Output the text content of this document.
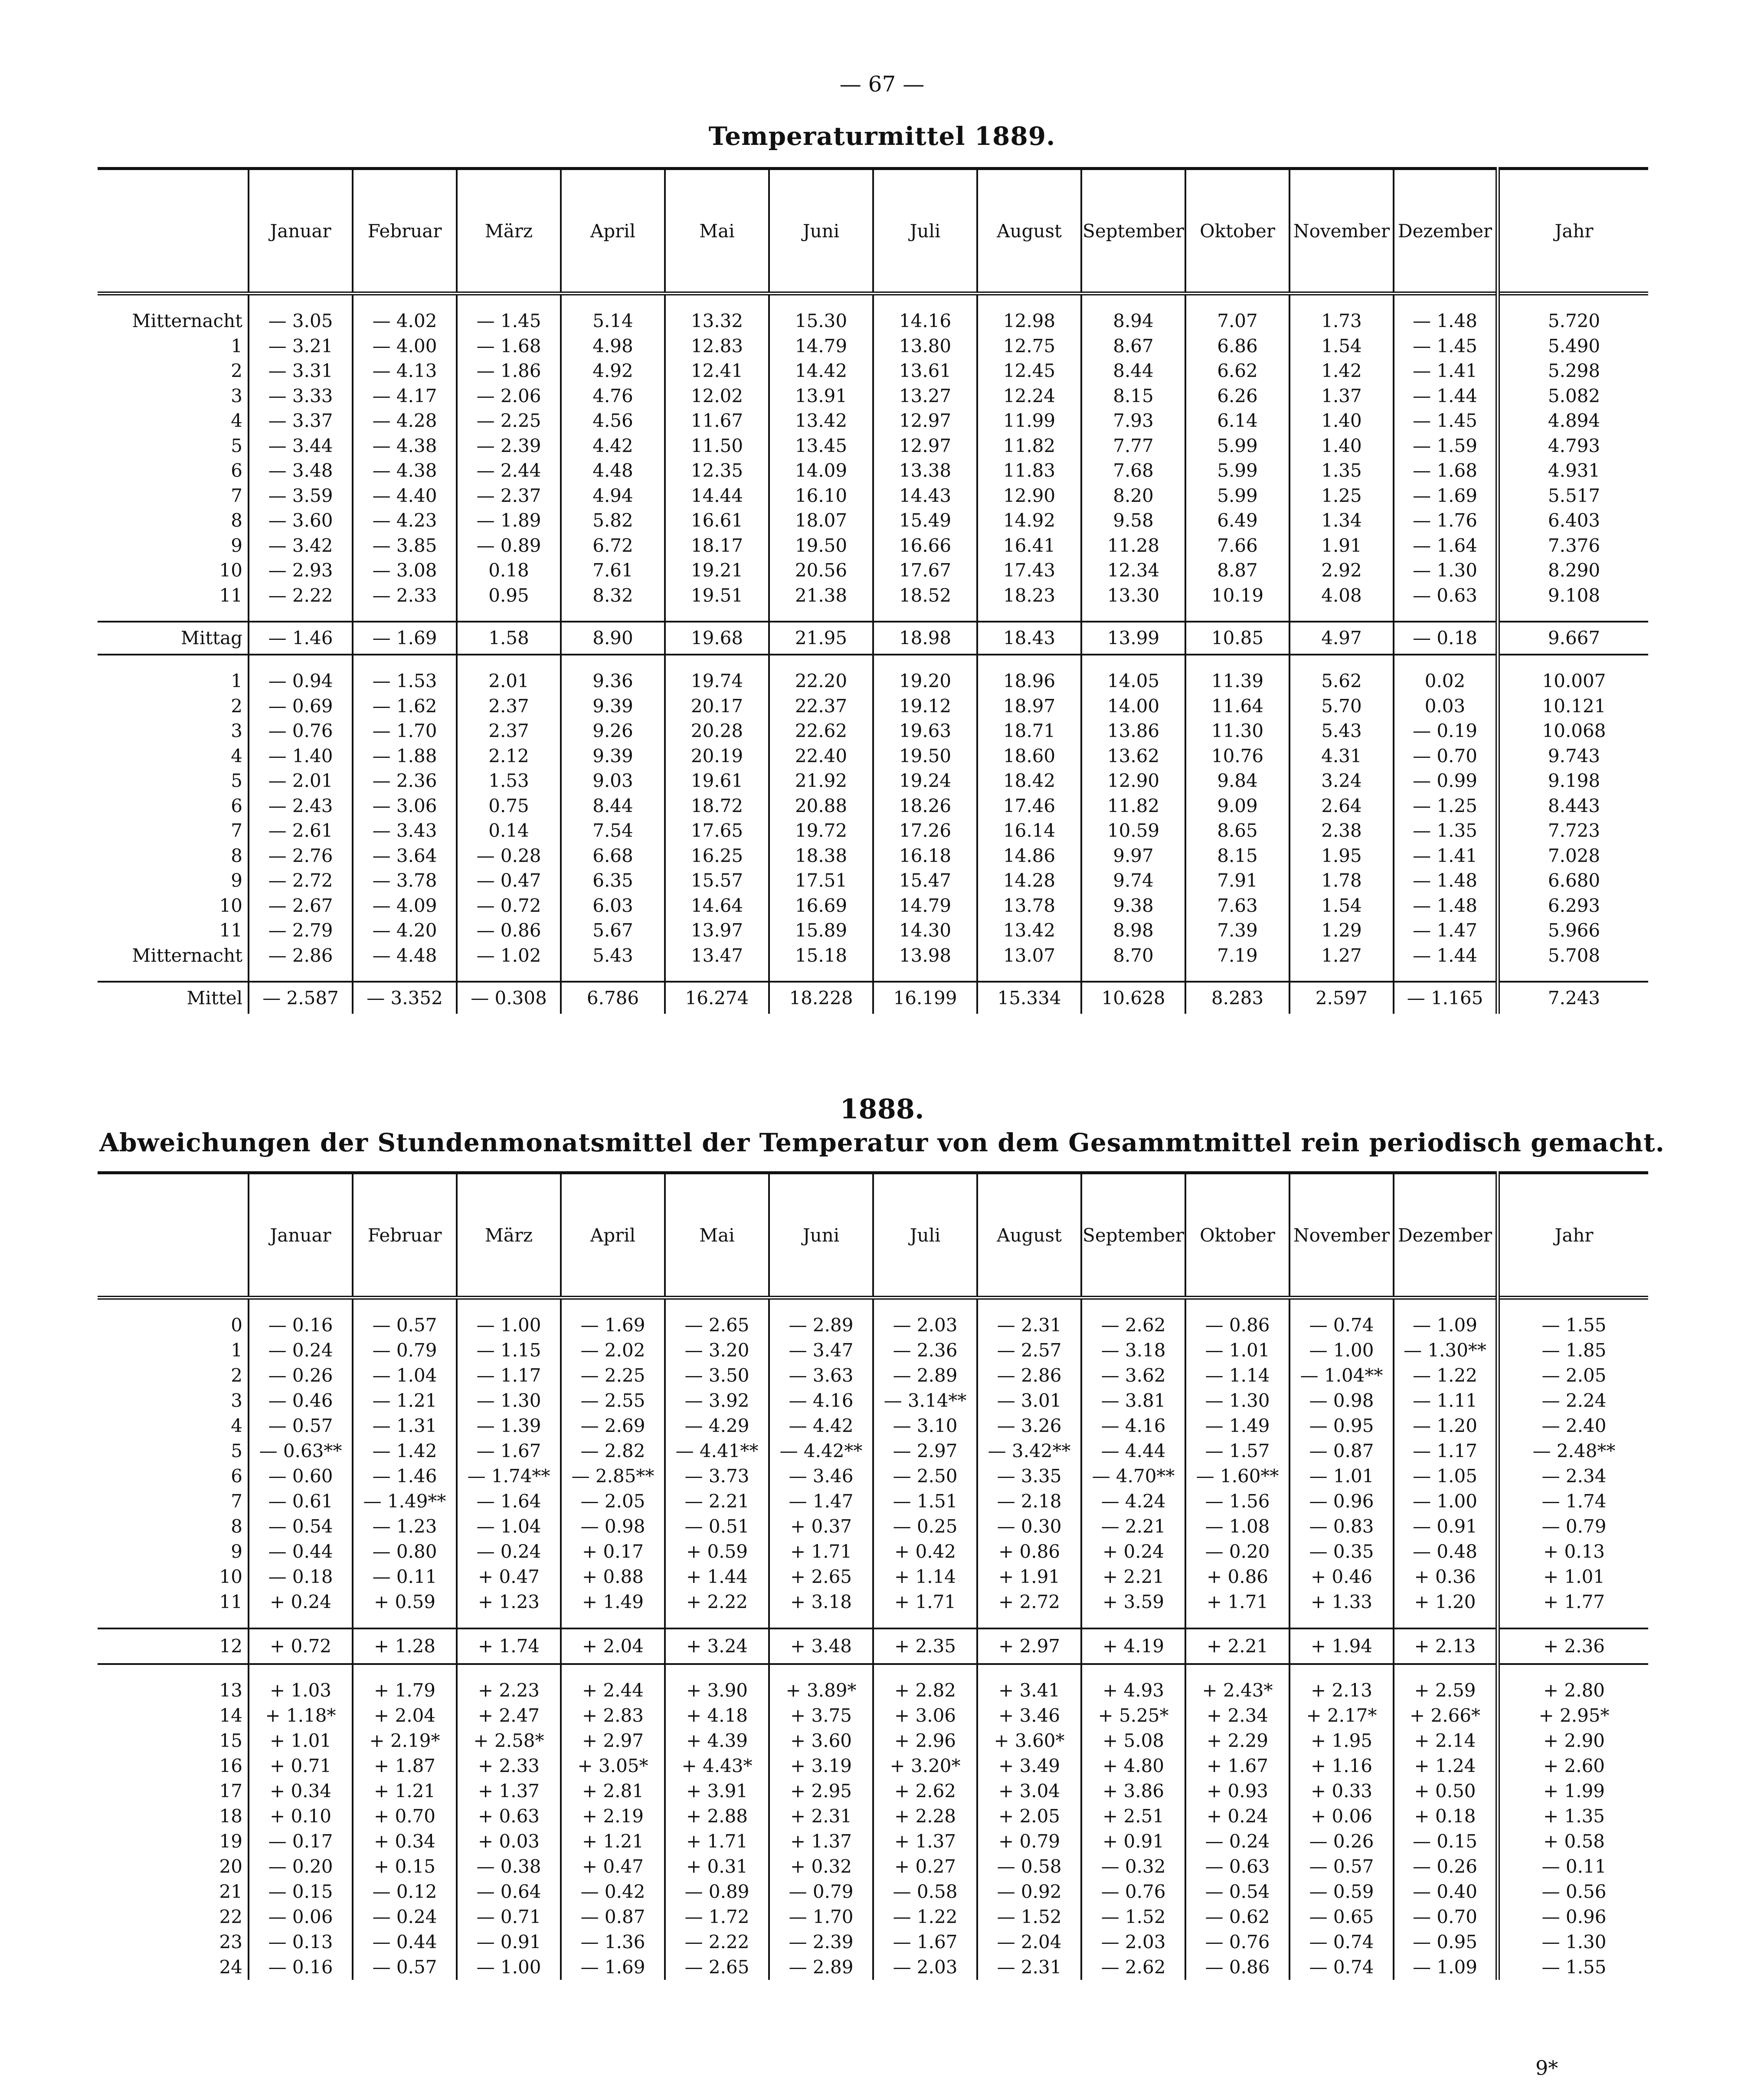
— 67 —
Temperaturmittel 1889.
	Januar	Februar	März	April	Mai	Juni	Juli	August	September	Oktober	November	Dezember	Jahr

Mitternacht	— 3.05	— 4.02	— 1.45	5.14	13.32	15.30	14.16	12.98	8.94	7.07	1.73	— 1.48	5.720
1	— 3.21	— 4.00	— 1.68	4.98	12.83	14.79	13.80	12.75	8.67	6.86	1.54	— 1.45	5.490
2	— 3.31	— 4.13	— 1.86	4.92	12.41	14.42	13.61	12.45	8.44	6.62	1.42	— 1.41	5.298
3	— 3.33	— 4.17	— 2.06	4.76	12.02	13.91	13.27	12.24	8.15	6.26	1.37	— 1.44	5.082
4	— 3.37	— 4.28	— 2.25	4.56	11.67	13.42	12.97	11.99	7.93	6.14	1.40	— 1.45	4.894
5	— 3.44	— 4.38	— 2.39	4.42	11.50	13.45	12.97	11.82	7.77	5.99	1.40	— 1.59	4.793
6	— 3.48	— 4.38	— 2.44	4.48	12.35	14.09	13.38	11.83	7.68	5.99	1.35	— 1.68	4.931
7	— 3.59	— 4.40	— 2.37	4.94	14.44	16.10	14.43	12.90	8.20	5.99	1.25	— 1.69	5.517
8	— 3.60	— 4.23	— 1.89	5.82	16.61	18.07	15.49	14.92	9.58	6.49	1.34	— 1.76	6.403
9	— 3.42	— 3.85	— 0.89	6.72	18.17	19.50	16.66	16.41	11.28	7.66	1.91	— 1.64	7.376
10	— 2.93	— 3.08	0.18	7.61	19.21	20.56	17.67	17.43	12.34	8.87	2.92	— 1.30	8.290
11	— 2.22	— 2.33	0.95	8.32	19.51	21.38	18.52	18.23	13.30	10.19	4.08	— 0.63	9.108

Mittag	— 1.46	— 1.69	1.58	8.90	19.68	21.95	18.98	18.43	13.99	10.85	4.97	— 0.18	9.667

1	— 0.94	— 1.53	2.01	9.36	19.74	22.20	19.20	18.96	14.05	11.39	5.62	0.02	10.007
2	— 0.69	— 1.62	2.37	9.39	20.17	22.37	19.12	18.97	14.00	11.64	5.70	0.03	10.121
3	— 0.76	— 1.70	2.37	9.26	20.28	22.62	19.63	18.71	13.86	11.30	5.43	— 0.19	10.068
4	— 1.40	— 1.88	2.12	9.39	20.19	22.40	19.50	18.60	13.62	10.76	4.31	— 0.70	9.743
5	— 2.01	— 2.36	1.53	9.03	19.61	21.92	19.24	18.42	12.90	9.84	3.24	— 0.99	9.198
6	— 2.43	— 3.06	0.75	8.44	18.72	20.88	18.26	17.46	11.82	9.09	2.64	— 1.25	8.443
7	— 2.61	— 3.43	0.14	7.54	17.65	19.72	17.26	16.14	10.59	8.65	2.38	— 1.35	7.723
8	— 2.76	— 3.64	— 0.28	6.68	16.25	18.38	16.18	14.86	9.97	8.15	1.95	— 1.41	7.028
9	— 2.72	— 3.78	— 0.47	6.35	15.57	17.51	15.47	14.28	9.74	7.91	1.78	— 1.48	6.680
10	— 2.67	— 4.09	— 0.72	6.03	14.64	16.69	14.79	13.78	9.38	7.63	1.54	— 1.48	6.293
11	— 2.79	— 4.20	— 0.86	5.67	13.97	15.89	14.30	13.42	8.98	7.39	1.29	— 1.47	5.966
Mitternacht	— 2.86	— 4.48	— 1.02	5.43	13.47	15.18	13.98	13.07	8.70	7.19	1.27	— 1.44	5.708

Mittel	— 2.587	— 3.352	— 0.308	6.786	16.274	18.228	16.199	15.334	10.628	8.283	2.597	— 1.165	7.243
1888.
Abweichungen der Stundenmonatsmittel der Temperatur von dem Gesammtmittel rein periodisch gemacht.
	Januar	Februar	März	April	Mai	Juni	Juli	August	September	Oktober	November	Dezember	Jahr

0	— 0.16	— 0.57	— 1.00	— 1.69	— 2.65	— 2.89	— 2.03	— 2.31	— 2.62	— 0.86	— 0.74	— 1.09	— 1.55
1	— 0.24	— 0.79	— 1.15	— 2.02	— 3.20	— 3.47	— 2.36	— 2.57	— 3.18	— 1.01	— 1.00	— 1.30**	— 1.85
2	— 0.26	— 1.04	— 1.17	— 2.25	— 3.50	— 3.63	— 2.89	— 2.86	— 3.62	— 1.14	— 1.04**	— 1.22	— 2.05
3	— 0.46	— 1.21	— 1.30	— 2.55	— 3.92	— 4.16	— 3.14**	— 3.01	— 3.81	— 1.30	— 0.98	— 1.11	— 2.24
4	— 0.57	— 1.31	— 1.39	— 2.69	— 4.29	— 4.42	— 3.10	— 3.26	— 4.16	— 1.49	— 0.95	— 1.20	— 2.40
5	— 0.63**	— 1.42	— 1.67	— 2.82	— 4.41**	— 4.42**	— 2.97	— 3.42**	— 4.44	— 1.57	— 0.87	— 1.17	— 2.48**
6	— 0.60	— 1.46	— 1.74**	— 2.85**	— 3.73	— 3.46	— 2.50	— 3.35	— 4.70**	— 1.60**	— 1.01	— 1.05	— 2.34
7	— 0.61	— 1.49**	— 1.64	— 2.05	— 2.21	— 1.47	— 1.51	— 2.18	— 4.24	— 1.56	— 0.96	— 1.00	— 1.74
8	— 0.54	— 1.23	— 1.04	— 0.98	— 0.51	+ 0.37	— 0.25	— 0.30	— 2.21	— 1.08	— 0.83	— 0.91	— 0.79
9	— 0.44	— 0.80	— 0.24	+ 0.17	+ 0.59	+ 1.71	+ 0.42	+ 0.86	+ 0.24	— 0.20	— 0.35	— 0.48	+ 0.13
10	— 0.18	— 0.11	+ 0.47	+ 0.88	+ 1.44	+ 2.65	+ 1.14	+ 1.91	+ 2.21	+ 0.86	+ 0.46	+ 0.36	+ 1.01
11	+ 0.24	+ 0.59	+ 1.23	+ 1.49	+ 2.22	+ 3.18	+ 1.71	+ 2.72	+ 3.59	+ 1.71	+ 1.33	+ 1.20	+ 1.77

12	+ 0.72	+ 1.28	+ 1.74	+ 2.04	+ 3.24	+ 3.48	+ 2.35	+ 2.97	+ 4.19	+ 2.21	+ 1.94	+ 2.13	+ 2.36

13	+ 1.03	+ 1.79	+ 2.23	+ 2.44	+ 3.90	+ 3.89*	+ 2.82	+ 3.41	+ 4.93	+ 2.43*	+ 2.13	+ 2.59	+ 2.80
14	+ 1.18*	+ 2.04	+ 2.47	+ 2.83	+ 4.18	+ 3.75	+ 3.06	+ 3.46	+ 5.25*	+ 2.34	+ 2.17*	+ 2.66*	+ 2.95*
15	+ 1.01	+ 2.19*	+ 2.58*	+ 2.97	+ 4.39	+ 3.60	+ 2.96	+ 3.60*	+ 5.08	+ 2.29	+ 1.95	+ 2.14	+ 2.90
16	+ 0.71	+ 1.87	+ 2.33	+ 3.05*	+ 4.43*	+ 3.19	+ 3.20*	+ 3.49	+ 4.80	+ 1.67	+ 1.16	+ 1.24	+ 2.60
17	+ 0.34	+ 1.21	+ 1.37	+ 2.81	+ 3.91	+ 2.95	+ 2.62	+ 3.04	+ 3.86	+ 0.93	+ 0.33	+ 0.50	+ 1.99
18	+ 0.10	+ 0.70	+ 0.63	+ 2.19	+ 2.88	+ 2.31	+ 2.28	+ 2.05	+ 2.51	+ 0.24	+ 0.06	+ 0.18	+ 1.35
19	— 0.17	+ 0.34	+ 0.03	+ 1.21	+ 1.71	+ 1.37	+ 1.37	+ 0.79	+ 0.91	— 0.24	— 0.26	— 0.15	+ 0.58
20	— 0.20	+ 0.15	— 0.38	+ 0.47	+ 0.31	+ 0.32	+ 0.27	— 0.58	— 0.32	— 0.63	— 0.57	— 0.26	— 0.11
21	— 0.15	— 0.12	— 0.64	— 0.42	— 0.89	— 0.79	— 0.58	— 0.92	— 0.76	— 0.54	— 0.59	— 0.40	— 0.56
22	— 0.06	— 0.24	— 0.71	— 0.87	— 1.72	— 1.70	— 1.22	— 1.52	— 1.52	— 0.62	— 0.65	— 0.70	— 0.96
23	— 0.13	— 0.44	— 0.91	— 1.36	— 2.22	— 2.39	— 1.67	— 2.04	— 2.03	— 0.76	— 0.74	— 0.95	— 1.30
24	— 0.16	— 0.57	— 1.00	— 1.69	— 2.65	— 2.89	— 2.03	— 2.31	— 2.62	— 0.86	— 0.74	— 1.09	— 1.55
9*
